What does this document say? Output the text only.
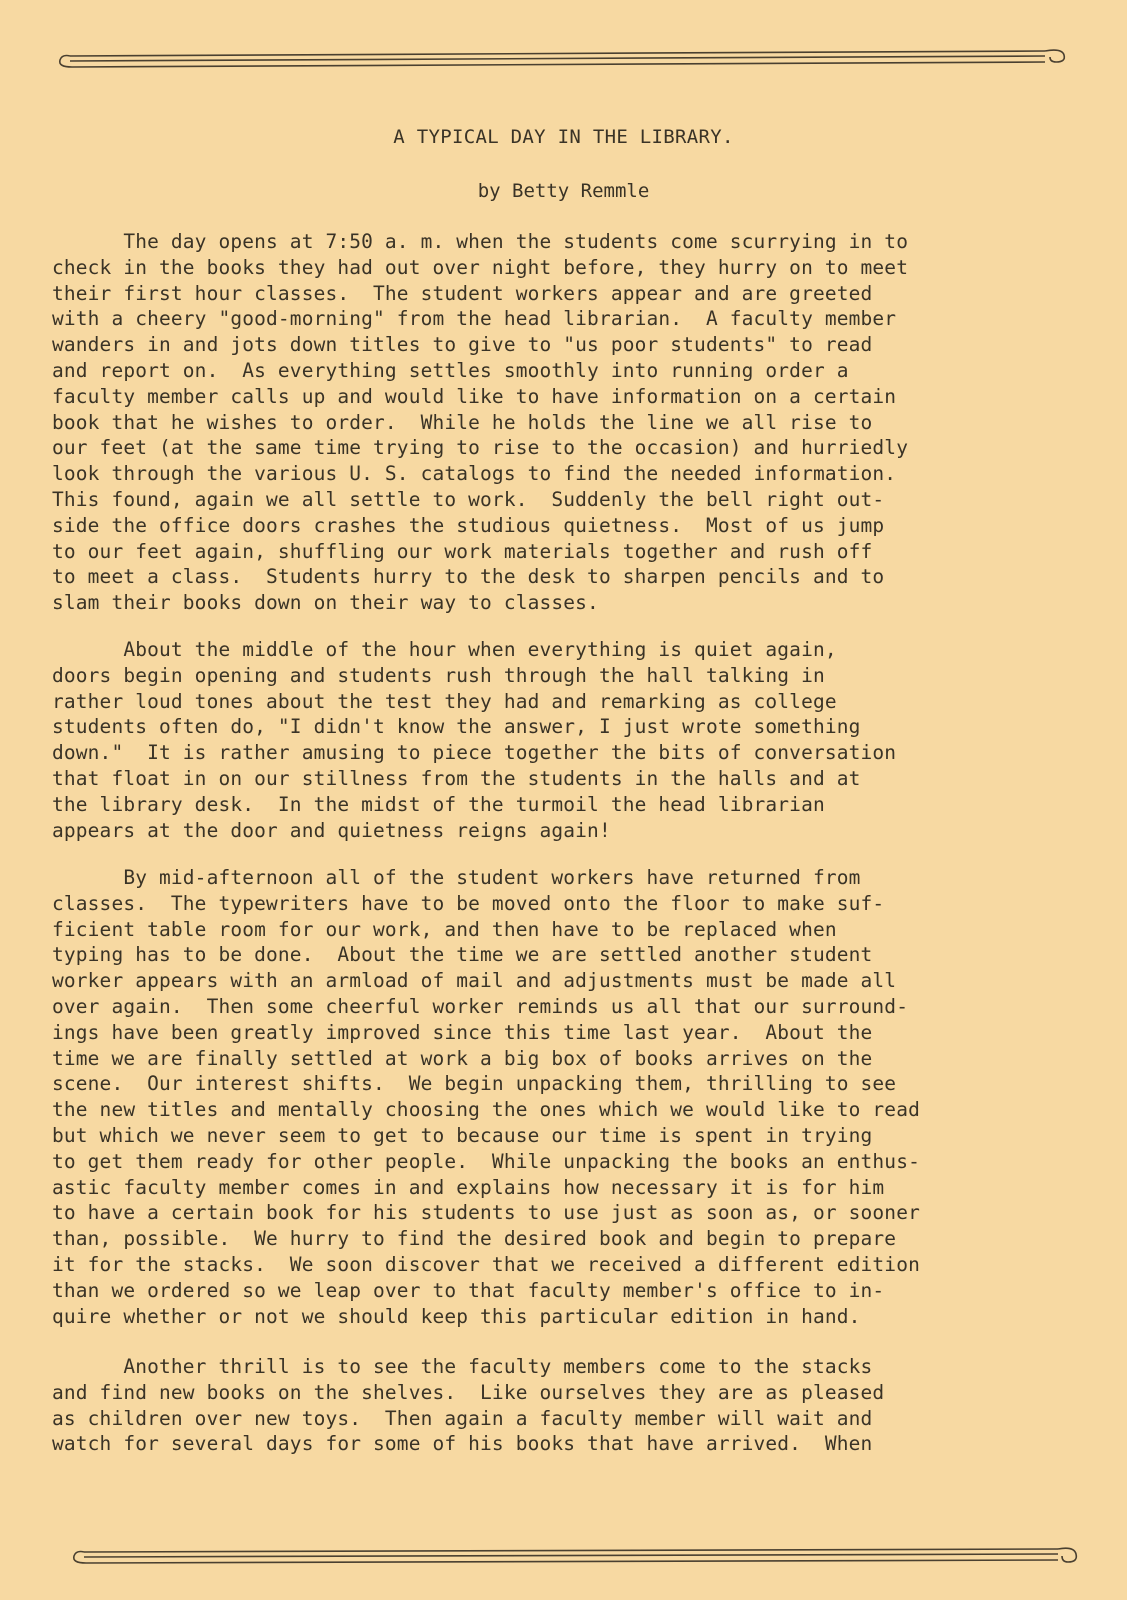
A TYPICAL DAY IN THE LIBRARY.

by Betty Remmle

The day opens at 7:50 a. m. when the students come scurrying in to
check in the books they had out over night before, they hurry on to meet
their first hour classes.  The student workers appear and are greeted
with a cheery "good-morning" from the head librarian.  A faculty member
wanders in and jots down titles to give to "us poor students" to read
and report on.  As everything settles smoothly into running order a
faculty member calls up and would like to have information on a certain
book that he wishes to order.  While he holds the line we all rise to
our feet (at the same time trying to rise to the occasion) and hurriedly
look through the various U. S. catalogs to find the needed information.
This found, again we all settle to work.  Suddenly the bell right out-
side the office doors crashes the studious quietness.  Most of us jump
to our feet again, shuffling our work materials together and rush off
to meet a class.  Students hurry to the desk to sharpen pencils and to
slam their books down on their way to classes.
About the middle of the hour when everything is quiet again,
doors begin opening and students rush through the hall talking in
rather loud tones about the test they had and remarking as college
students often do, "I didn't know the answer, I just wrote something
down."  It is rather amusing to piece together the bits of conversation
that float in on our stillness from the students in the halls and at
the library desk.  In the midst of the turmoil the head librarian
appears at the door and quietness reigns again!
By mid-afternoon all of the student workers have returned from
classes.  The typewriters have to be moved onto the floor to make suf-
ficient table room for our work, and then have to be replaced when
typing has to be done.  About the time we are settled another student
worker appears with an armload of mail and adjustments must be made all
over again.  Then some cheerful worker reminds us all that our surround-
ings have been greatly improved since this time last year.  About the
time we are finally settled at work a big box of books arrives on the
scene.  Our interest shifts.  We begin unpacking them, thrilling to see
the new titles and mentally choosing the ones which we would like to read
but which we never seem to get to because our time is spent in trying
to get them ready for other people.  While unpacking the books an enthus-
astic faculty member comes in and explains how necessary it is for him
to have a certain book for his students to use just as soon as, or sooner
than, possible.  We hurry to find the desired book and begin to prepare
it for the stacks.  We soon discover that we received a different edition
than we ordered so we leap over to that faculty member's office to in-
quire whether or not we should keep this particular edition in hand.
Another thrill is to see the faculty members come to the stacks
and find new books on the shelves.  Like ourselves they are as pleased
as children over new toys.  Then again a faculty member will wait and
watch for several days for some of his books that have arrived.  When
